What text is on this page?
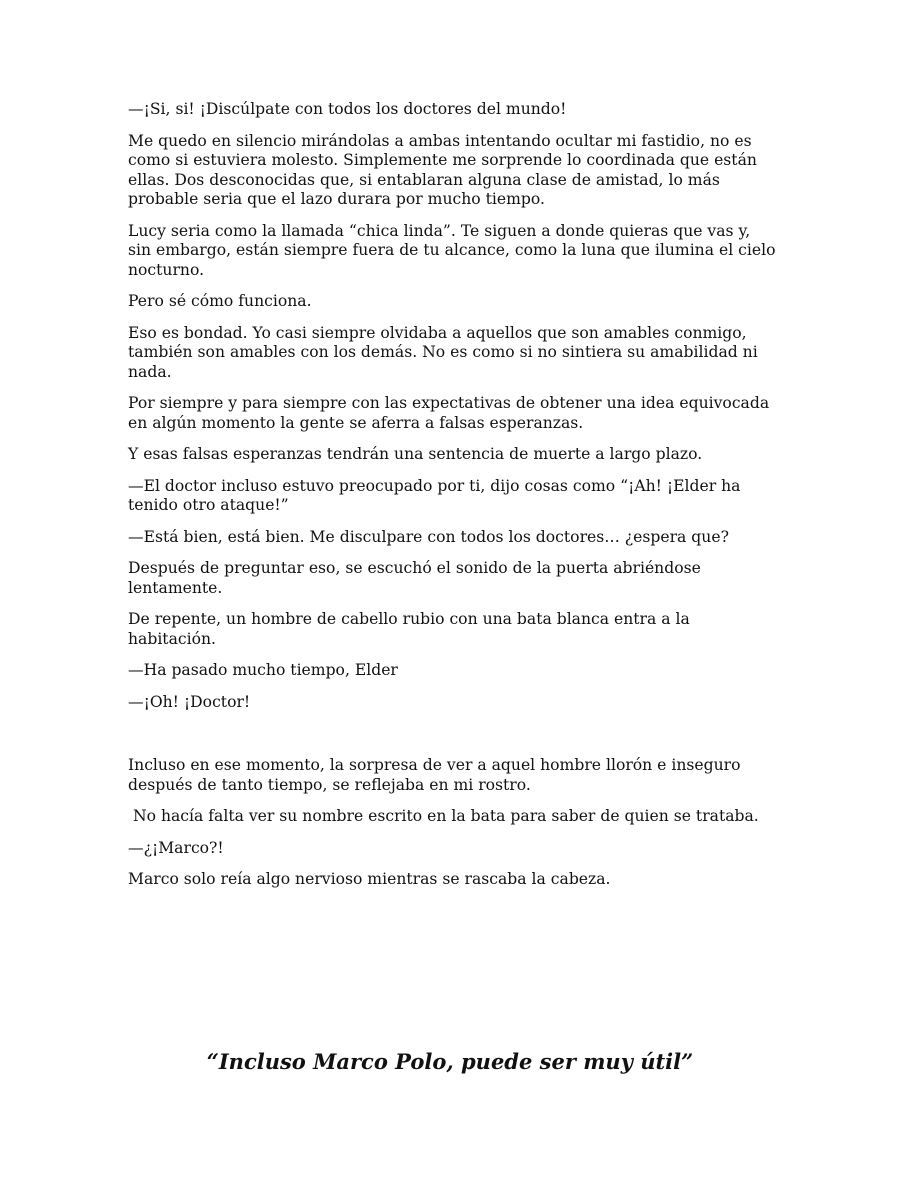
—¡Si, si! ¡Discúlpate con todos los doctores del mundo!

Me quedo en silencio mirándolas a ambas intentando ocultar mi fastidio, no es como si estuviera molesto. Simplemente me sorprende lo coordinada que están ellas. Dos desconocidas que, si entablaran alguna clase de amistad, lo más probable seria que el lazo durara por mucho tiempo.

Lucy seria como la llamada “chica linda”. Te siguen a donde quieras que vas y, sin embargo, están siempre fuera de tu alcance, como la luna que ilumina el cielo nocturno.

Pero sé cómo funciona.

Eso es bondad. Yo casi siempre olvidaba a aquellos que son amables conmigo, también son amables con los demás. No es como si no sintiera su amabilidad ni nada.

Por siempre y para siempre con las expectativas de obtener una idea equivocada en algún momento la gente se aferra a falsas esperanzas.

Y esas falsas esperanzas tendrán una sentencia de muerte a largo plazo.

—El doctor incluso estuvo preocupado por ti, dijo cosas como “¡Ah! ¡Elder ha tenido otro ataque!”

—Está bien, está bien. Me disculpare con todos los doctores… ¿espera que?

Después de preguntar eso, se escuchó el sonido de la puerta abriéndose lentamente.

De repente, un hombre de cabello rubio con una bata blanca entra a la habitación.

—Ha pasado mucho tiempo, Elder

—¡Oh! ¡Doctor!

Incluso en ese momento, la sorpresa de ver a aquel hombre llorón e inseguro después de tanto tiempo, se reflejaba en mi rostro.

No hacía falta ver su nombre escrito en la bata para saber de quien se trataba.

—¿¡Marco?!

Marco solo reía algo nervioso mientras se rascaba la cabeza.

“Incluso Marco Polo, puede ser muy útil”
